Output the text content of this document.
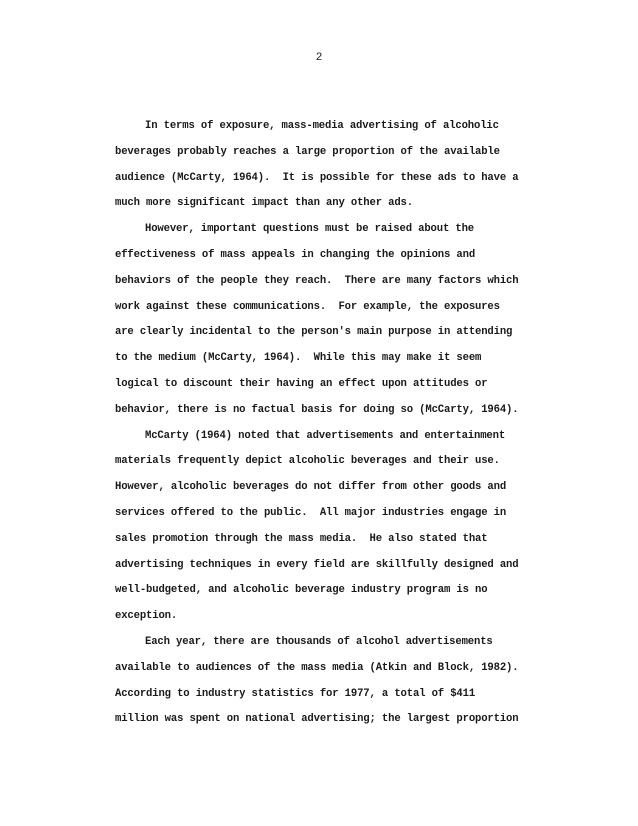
2
In terms of exposure, mass-media advertising of alcoholic
beverages probably reaches a large proportion of the available
audience (McCarty, 1964).  It is possible for these ads to have a
much more significant impact than any other ads.
However, important questions must be raised about the
effectiveness of mass appeals in changing the opinions and
behaviors of the people they reach.  There are many factors which
work against these communications.  For example, the exposures
are clearly incidental to the person's main purpose in attending
to the medium (McCarty, 1964).  While this may make it seem
logical to discount their having an effect upon attitudes or
behavior, there is no factual basis for doing so (McCarty, 1964).
McCarty (1964) noted that advertisements and entertainment
materials frequently depict alcoholic beverages and their use.
However, alcoholic beverages do not differ from other goods and
services offered to the public.  All major industries engage in
sales promotion through the mass media.  He also stated that
advertising techniques in every field are skillfully designed and
well-budgeted, and alcoholic beverage industry program is no
exception.
Each year, there are thousands of alcohol advertisements
available to audiences of the mass media (Atkin and Block, 1982).
According to industry statistics for 1977, a total of $411
million was spent on national advertising; the largest proportion
